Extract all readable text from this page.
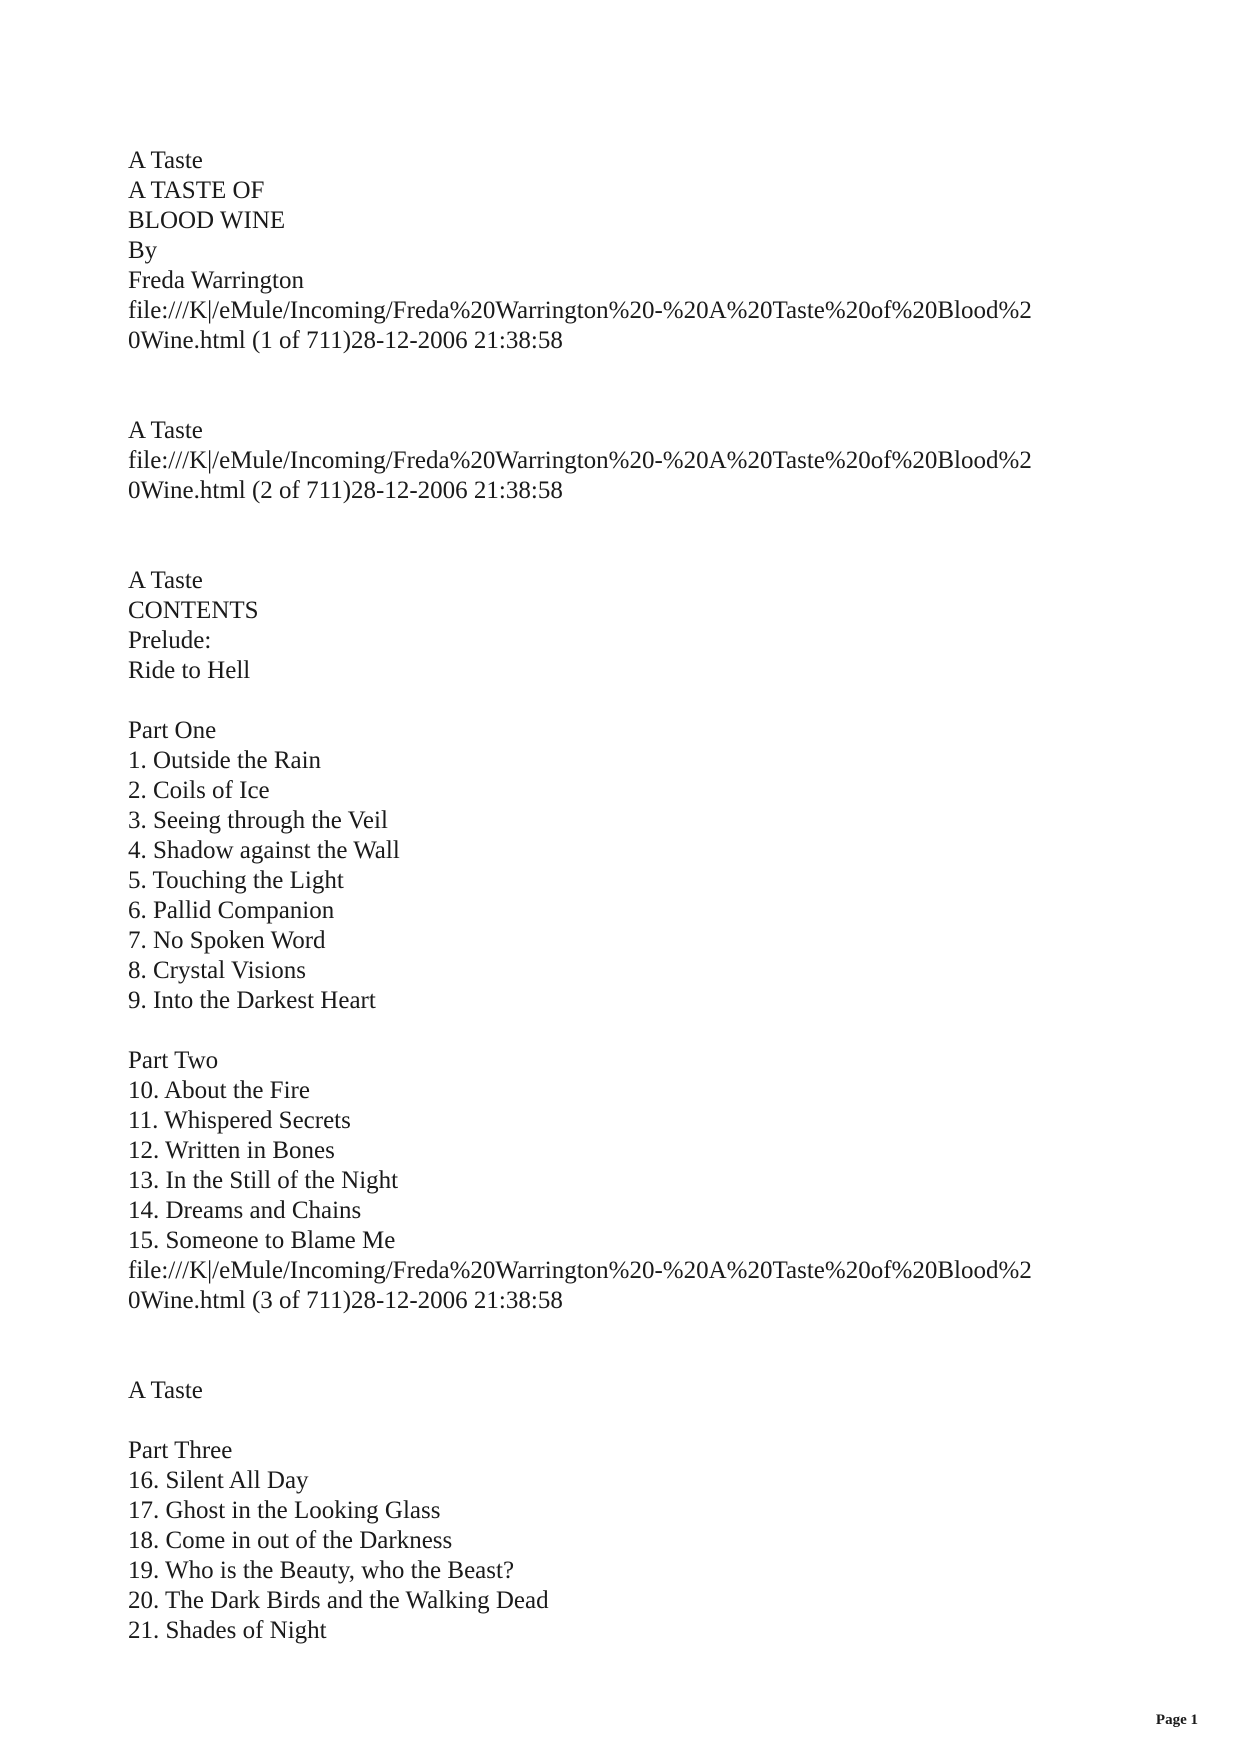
A Taste
A TASTE OF
BLOOD WINE
By
Freda Warrington
file:///K|/eMule/Incoming/Freda%20Warrington%20-%20A%20Taste%20of%20Blood%2
0Wine.html (1 of 711)28-12-2006 21:38:58
A Taste
file:///K|/eMule/Incoming/Freda%20Warrington%20-%20A%20Taste%20of%20Blood%2
0Wine.html (2 of 711)28-12-2006 21:38:58
A Taste
CONTENTS
Prelude:
Ride to Hell
Part One
1. Outside the Rain
2. Coils of Ice
3. Seeing through the Veil
4. Shadow against the Wall
5. Touching the Light
6. Pallid Companion
7. No Spoken Word
8. Crystal Visions
9. Into the Darkest Heart
Part Two
10. About the Fire
11. Whispered Secrets
12. Written in Bones
13. In the Still of the Night
14. Dreams and Chains
15. Someone to Blame Me
file:///K|/eMule/Incoming/Freda%20Warrington%20-%20A%20Taste%20of%20Blood%2
0Wine.html (3 of 711)28-12-2006 21:38:58
A Taste
Part Three
16. Silent All Day
17. Ghost in the Looking Glass
18. Come in out of the Darkness
19. Who is the Beauty, who the Beast?
20. The Dark Birds and the Walking Dead
21. Shades of Night
Page 1
